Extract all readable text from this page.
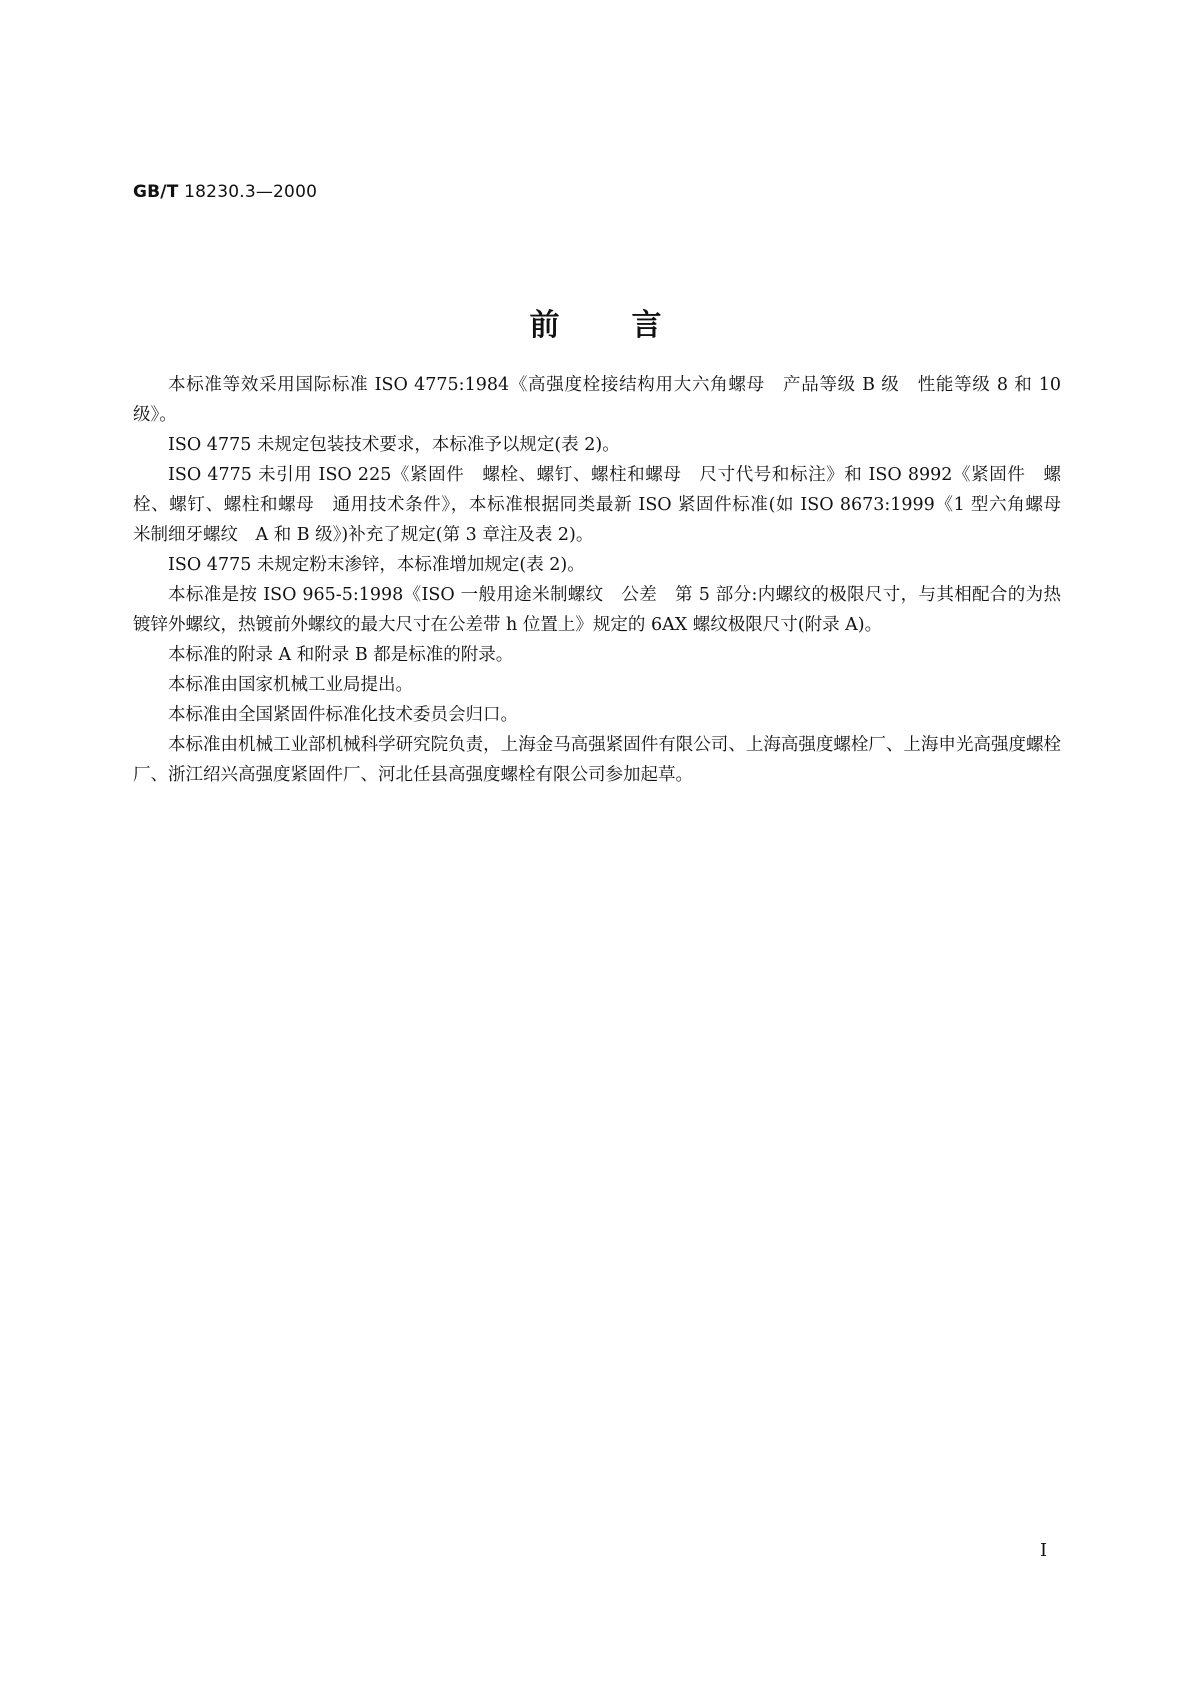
GB/T 18230.3—2000
前言

本标准等效采用国际标准 ISO 4775:1984《高强度栓接结构用大六角螺母　产品等级 B 级　性能等级 8 和 10 级》。

ISO 4775 未规定包装技术要求，本标准予以规定(表 2)。

ISO 4775 未引用 ISO 225《紧固件　螺栓、螺钉、螺柱和螺母　尺寸代号和标注》和 ISO 8992《紧固件　螺栓、螺钉、螺柱和螺母　通用技术条件》，本标准根据同类最新 ISO 紧固件标准(如 ISO 8673:1999《1 型六角螺母　米制细牙螺纹　A 和 B 级》)补充了规定(第 3 章注及表 2)。

ISO 4775 未规定粉末渗锌，本标准增加规定(表 2)。

本标准是按 ISO 965-5:1998《ISO 一般用途米制螺纹　公差　第 5 部分:内螺纹的极限尺寸，与其相配合的为热镀锌外螺纹，热镀前外螺纹的最大尺寸在公差带 h 位置上》规定的 6AX 螺纹极限尺寸(附录 A)。

本标准的附录 A 和附录 B 都是标准的附录。

本标准由国家机械工业局提出。

本标准由全国紧固件标准化技术委员会归口。

本标准由机械工业部机械科学研究院负责，上海金马高强紧固件有限公司、上海高强度螺栓厂、上海申光高强度螺栓厂、浙江绍兴高强度紧固件厂、河北任县高强度螺栓有限公司参加起草。

I
